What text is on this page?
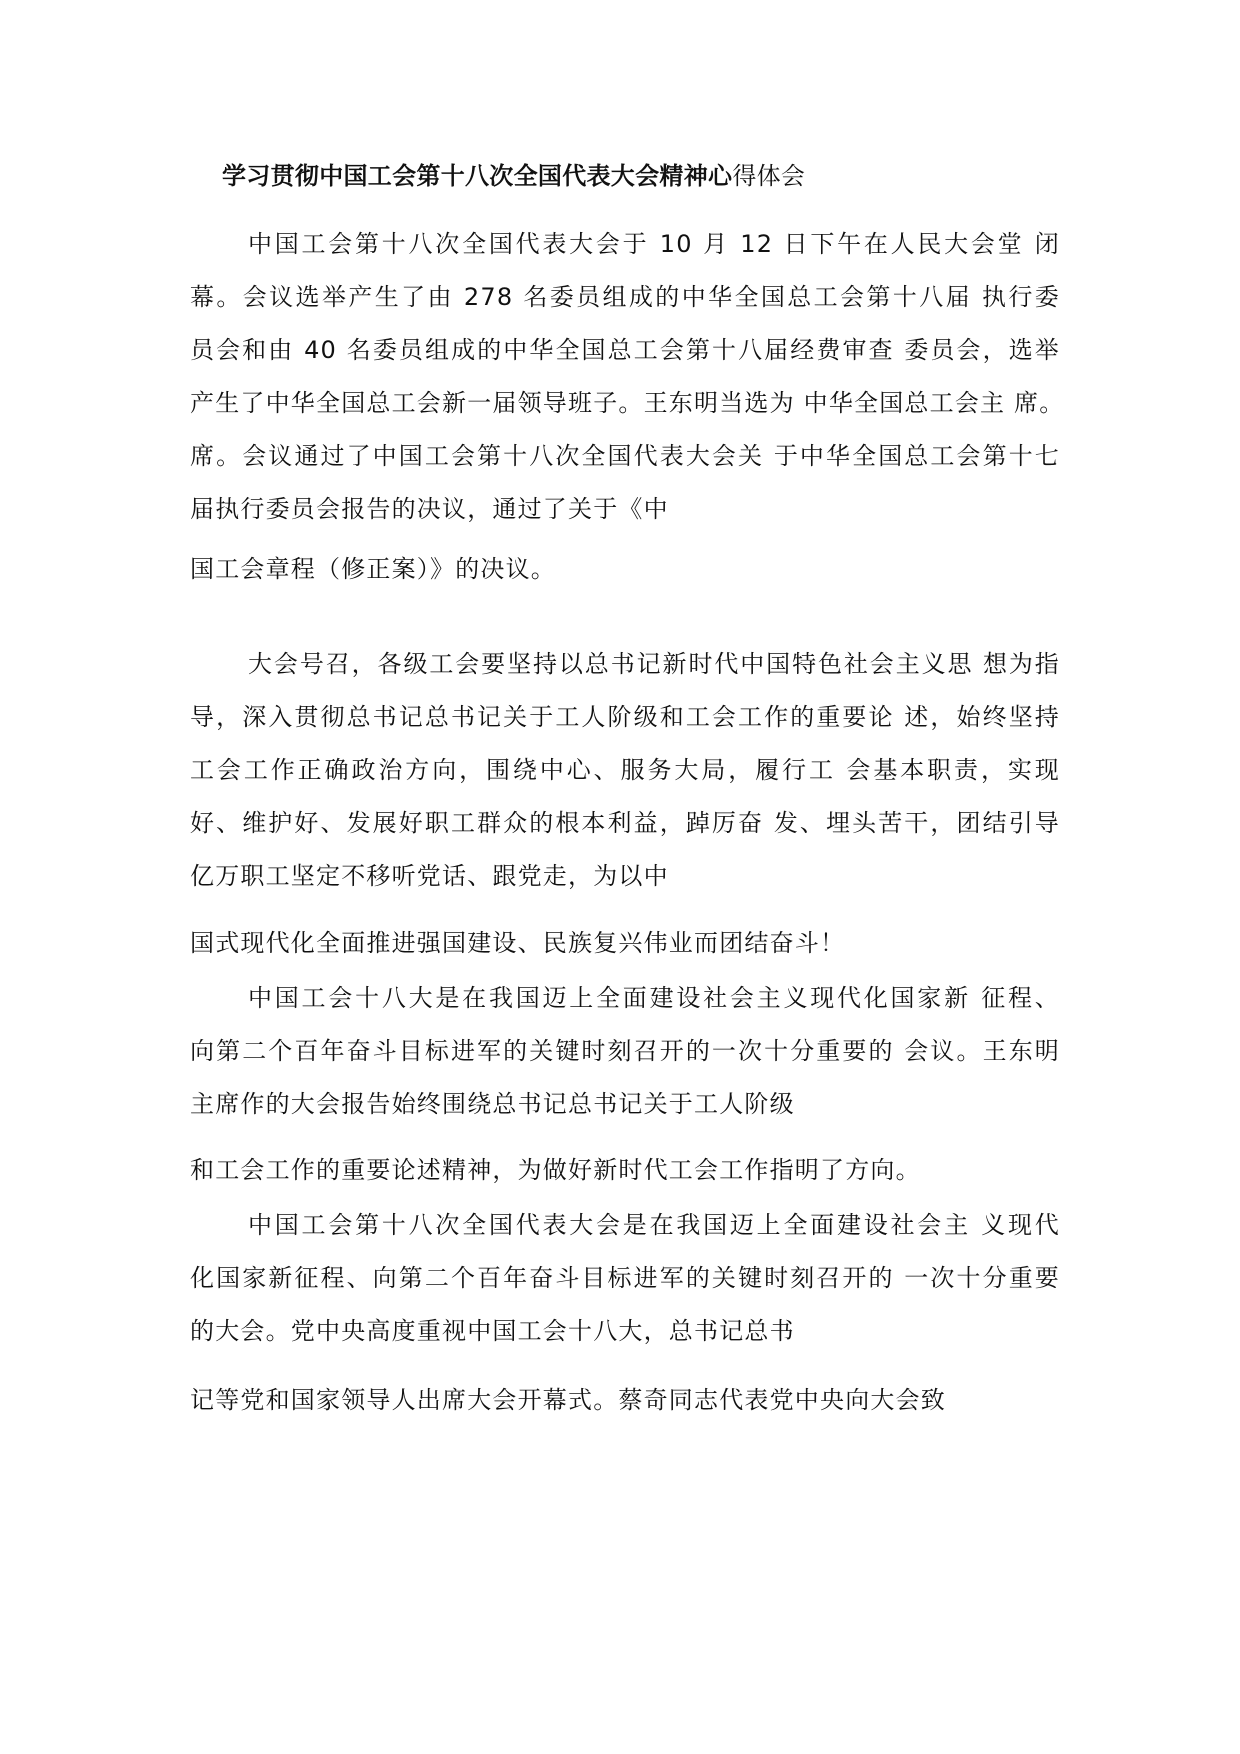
学习贯彻中国工会第十八次全国代表大会精神心得体会

中国工会第十八次全国代表大会于 10 月 12 日下午在人民大会堂 闭
幕。会议选举产生了由 278 名委员组成的中华全国总工会第十八届 执行委
员会和由 40 名委员组成的中华全国总工会第十八届经费审查 委员会，选举
产生了中华全国总工会新一届领导班子。王东明当选为 中华全国总工会主 席。
席。会议通过了中国工会第十八次全国代表大会关 于中华全国总工会第十七
届执行委员会报告的决议，通过了关于《中

国工会章程（修正案）》的决议。

大会号召，各级工会要坚持以总书记新时代中国特色社会主义思 想为指
导，深入贯彻总书记总书记关于工人阶级和工会工作的重要论 述，始终坚持
工会工作正确政治方向，围绕中心、服务大局，履行工 会基本职责，实现
好、维护好、发展好职工群众的根本利益，踔厉奋 发、埋头苦干，团结引导
亿万职工坚定不移听党话、跟党走，为以中

国式现代化全面推进强国建设、民族复兴伟业而团结奋斗！

中国工会十八大是在我国迈上全面建设社会主义现代化国家新 征程、
向第二个百年奋斗目标进军的关键时刻召开的一次十分重要的 会议。王东明
主席作的大会报告始终围绕总书记总书记关于工人阶级

和工会工作的重要论述精神，为做好新时代工会工作指明了方向。

中国工会第十八次全国代表大会是在我国迈上全面建设社会主 义现代
化国家新征程、向第二个百年奋斗目标进军的关键时刻召开的 一次十分重要
的大会。党中央高度重视中国工会十八大，总书记总书

记等党和国家领导人出席大会开幕式。蔡奇同志代表党中央向大会致
